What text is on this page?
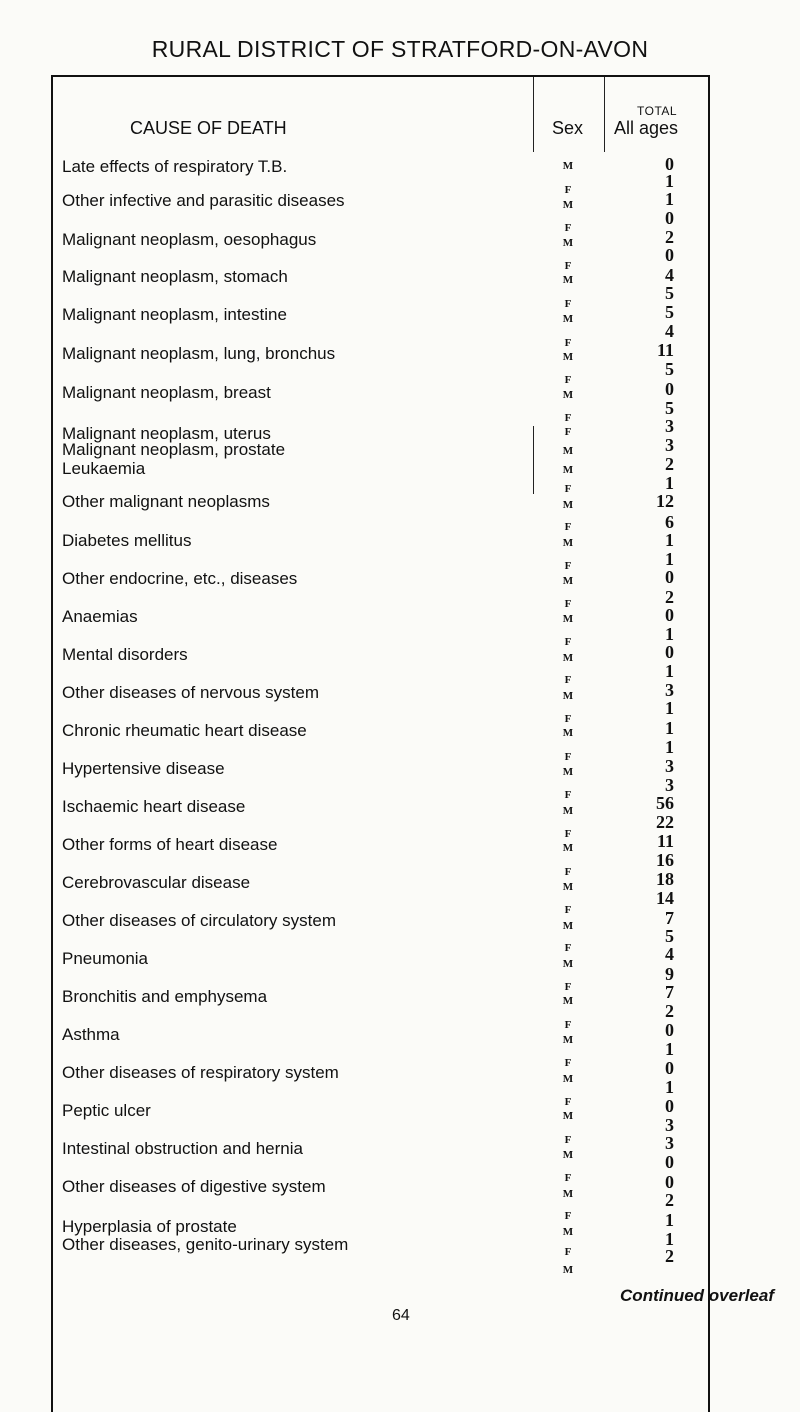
RURAL DISTRICT OF STRATFORD-ON-AVON
CAUSE OF DEATH	Sex
TOTAL
All ages
Late effects of respiratory T.B.
Other infective and parasitic diseases
Malignant neoplasm, oesophagus
Malignant neoplasm, stomach
Malignant neoplasm, intestine
Malignant neoplasm, lung, bronchus
Malignant neoplasm, breast
Malignant neoplasm, uterus
Malignant neoplasm, prostate
Leukaemia
Other malignant neoplasms
Diabetes mellitus
Other endocrine, etc., diseases
Anaemias
Mental disorders
Other diseases of nervous system
Chronic rheumatic heart disease
Hypertensive disease
Ischaemic heart disease
Other forms of heart disease
Cerebrovascular disease
Other diseases of circulatory system
Pneumonia
Bronchitis and emphysema
Asthma
Other diseases of respiratory system
Peptic ulcer
Intestinal obstruction and hernia
Other diseases of digestive system
Hyperplasia of prostate
Other diseases, genito-urinary system
M
F
M
F
M
F
M
F
M
F
M
F
M
F
F
M
M
F
M
F
M
F
M
F
M
F
M
F
M
F
M
F
M
F
M
F
M
F
M
F
M
F
M
F
M
F
M
F
M
F
M
F
M
F
M
F
M
F
M
0
1
1
0
2
0
4
5
5
4
11
5
0
5
3
3
2
1
12
6
1
1
0
2
0
1
0
1
3
1
1
1
3
3
56
22
11
16
18
14
7
5
4
9
7
2
0
1
0
1
0
3
3
0
0
2
1
1
2
Continued overleaf
64
